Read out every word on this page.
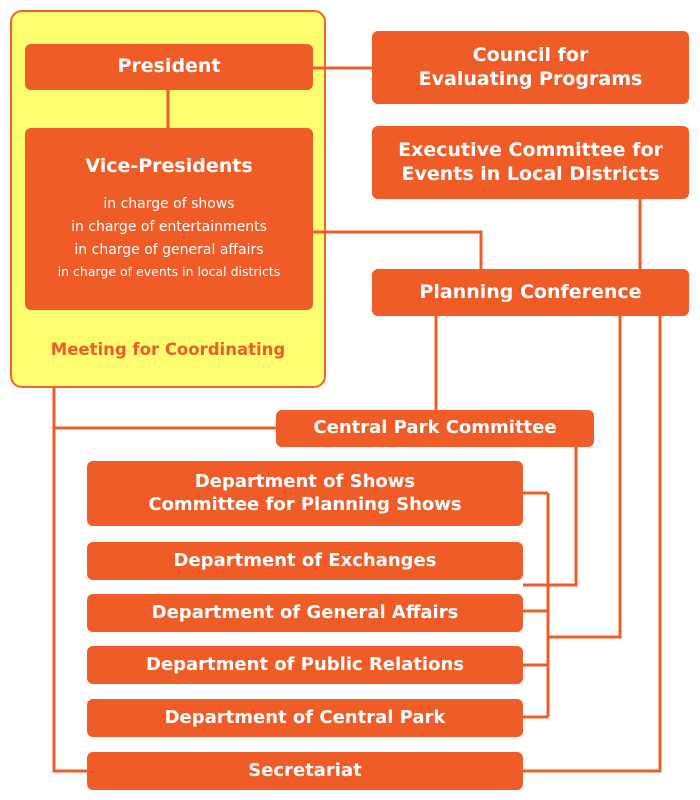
President
Vice-Presidents
in charge of shows
in charge of entertainments
in charge of general affairs
in charge of events in local districts
Meeting for Coordinating
Council for
Evaluating Programs
Executive Committee for
Events in Local Districts
Planning Conference
Central Park Committee
Department of Shows
Committee for Planning Shows
Department of Exchanges
Department of General Affairs
Department of Public Relations
Department of Central Park
Secretariat
